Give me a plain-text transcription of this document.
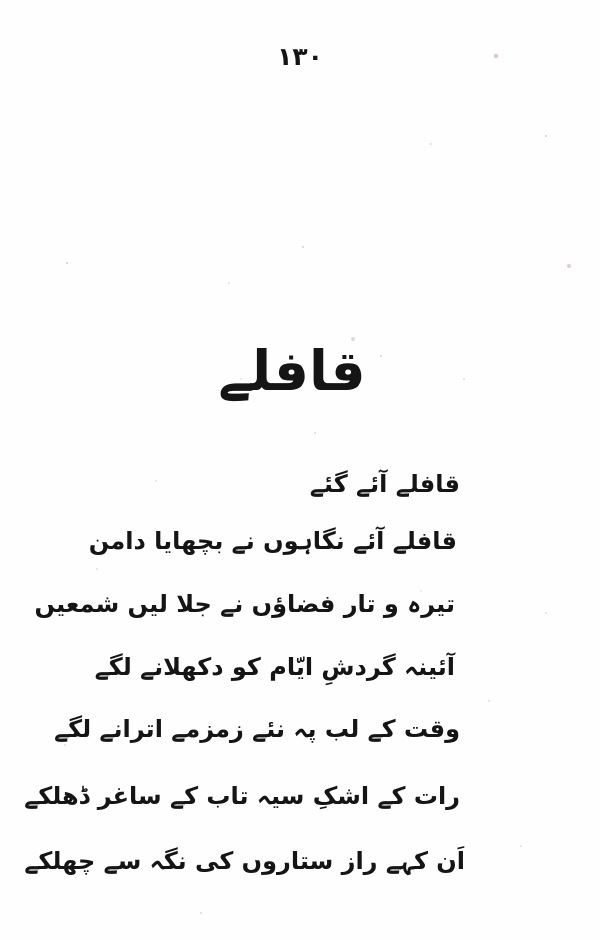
۱۳۰
قافلے
قافلے آئے گئے
قافلے آئے نگاہوں نے بچھایا دامن
تیرہ و تار فضاؤں نے جلا لیں شمعیں
آئینہ گردشِ ایّام کو دکھلانے لگے
وقت کے لب پہ نئے زمزمے اترانے لگے
رات کے اشکِ سیہ تاب کے ساغر ڈھلکے
اَن کہے راز ستاروں کی نگہ سے چھلکے
